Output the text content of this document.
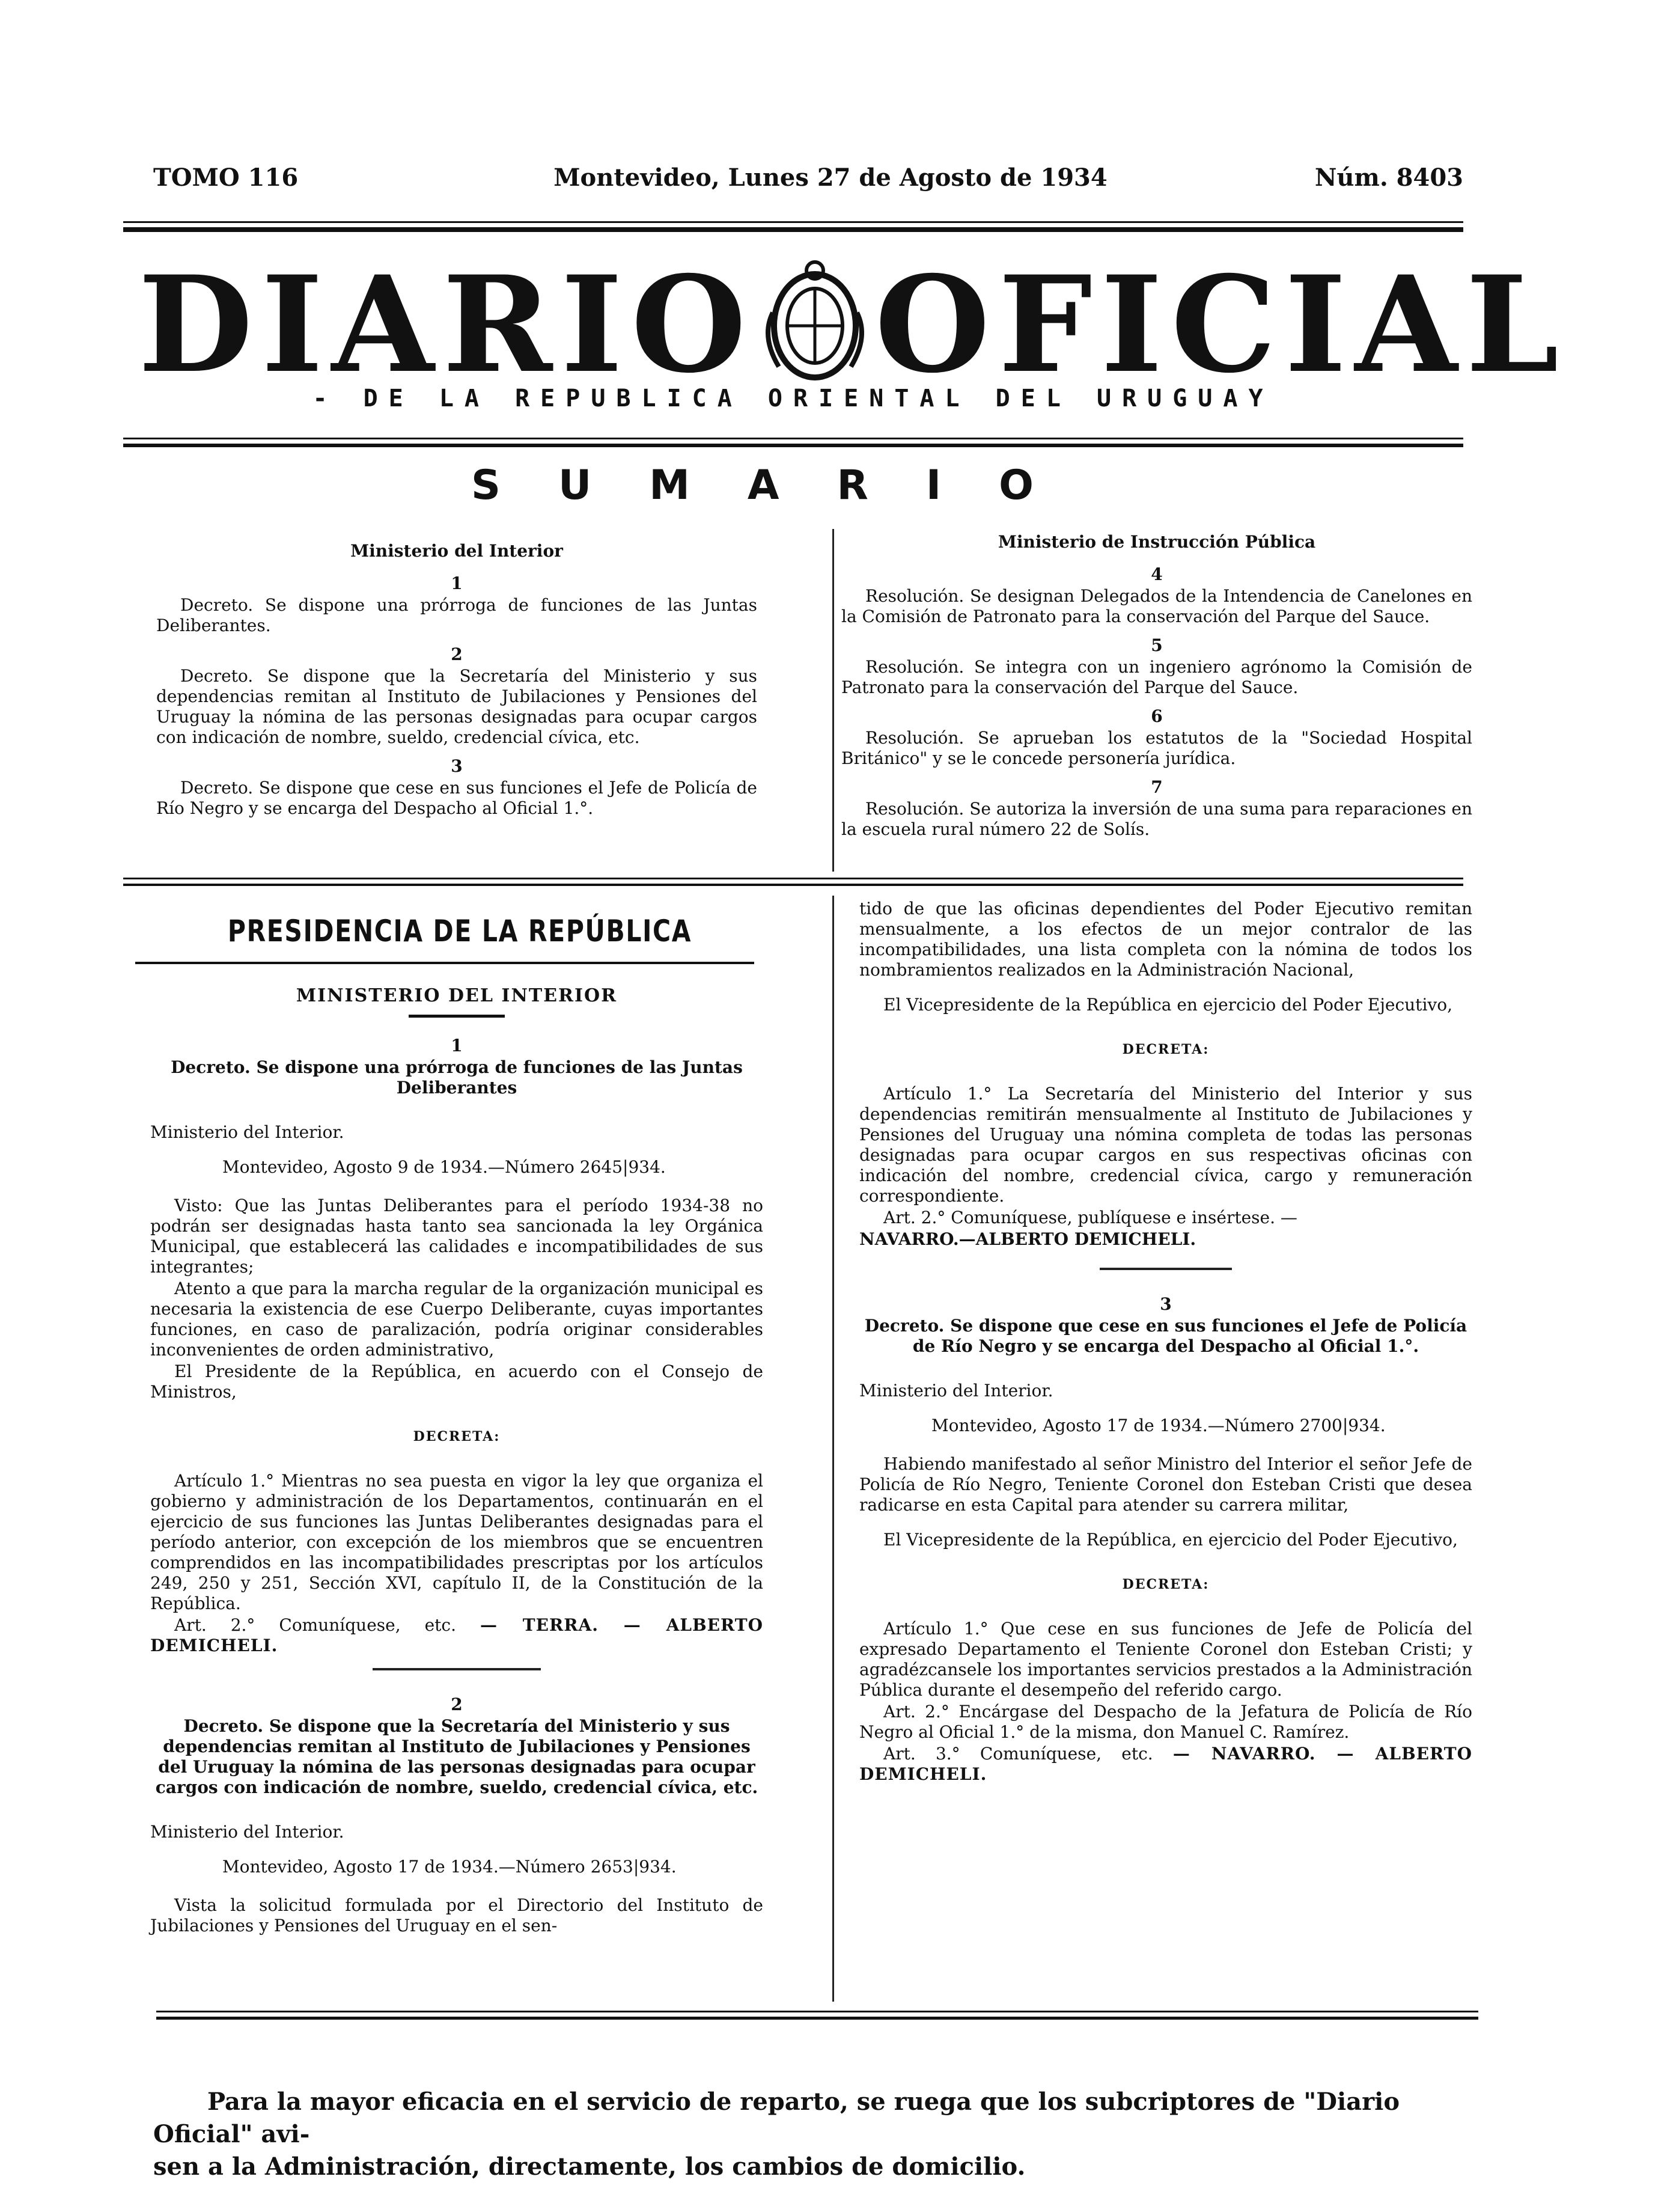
TOMO 116	Montevideo, Lunes 27 de Agosto de 1934	Núm. 8403
DIARIO OFICIAL
- DE LA REPUBLICA ORIENTAL DEL URUGUAY
SUMARIO
Ministerio del Interior
1

Decreto. Se dispone una prórroga de funciones de las Juntas Deliberantes.

2

Decreto. Se dispone que la Secretaría del Ministerio y sus dependencias remitan al Instituto de Jubilaciones y Pensiones del Uruguay la nómina de las personas designadas para ocupar cargos con indicación de nombre, sueldo, credencial cívica, etc.

3

Decreto. Se dispone que cese en sus funciones el Jefe de Policía de Río Negro y se encarga del Despacho al Oficial 1.°.

Ministerio de Instrucción Pública
4

Resolución. Se designan Delegados de la Intendencia de Canelones en la Comisión de Patronato para la conservación del Parque del Sauce.

5

Resolución. Se integra con un ingeniero agrónomo la Comisión de Patronato para la conservación del Parque del Sauce.

6

Resolución. Se aprueban los estatutos de la "Sociedad Hospital Británico" y se le concede personería jurídica.

7

Resolución. Se autoriza la inversión de una suma para reparaciones en la escuela rural número 22 de Solís.

PRESIDENCIA DE LA REPÚBLICA
MINISTERIO DEL INTERIOR
1

Decreto. Se dispone una prórroga de funciones de las Juntas Deliberantes

Ministerio del Interior.

Montevideo, Agosto 9 de 1934.—Número 2645|934.

Visto: Que las Juntas Deliberantes para el período 1934-38 no podrán ser designadas hasta tanto sea sancionada la ley Orgánica Municipal, que establecerá las calidades e incompatibilidades de sus integrantes;

Atento a que para la marcha regular de la organización municipal es necesaria la existencia de ese Cuerpo Deliberante, cuyas importantes funciones, en caso de paralización, podría originar considerables inconvenientes de orden administrativo,

El Presidente de la República, en acuerdo con el Consejo de Ministros,

DECRETA:

Artículo 1.° Mientras no sea puesta en vigor la ley que organiza el gobierno y administración de los Departamentos, continuarán en el ejercicio de sus funciones las Juntas Deliberantes designadas para el período anterior, con excepción de los miembros que se encuentren comprendidos en las incompatibilidades prescriptas por los artículos 249, 250 y 251, Sección XVI, capítulo II, de la Constitución de la República.

Art. 2.° Comuníquese, etc. — TERRA. — ALBERTO DEMICHELI.

2

Decreto. Se dispone que la Secretaría del Ministerio y sus dependencias remitan al Instituto de Jubilaciones y Pensiones del Uruguay la nómina de las personas designadas para ocupar cargos con indicación de nombre, sueldo, credencial cívica, etc.

Ministerio del Interior.

Montevideo, Agosto 17 de 1934.—Número 2653|934.

Vista la solicitud formulada por el Directorio del Instituto de Jubilaciones y Pensiones del Uruguay en el sen-

tido de que las oficinas dependientes del Poder Ejecutivo remitan mensualmente, a los efectos de un mejor contralor de las incompatibilidades, una lista completa con la nómina de todos los nombramientos realizados en la Administración Nacional,

El Vicepresidente de la República en ejercicio del Poder Ejecutivo,

DECRETA:

Artículo 1.° La Secretaría del Ministerio del Interior y sus dependencias remitirán mensualmente al Instituto de Jubilaciones y Pensiones del Uruguay una nómina completa de todas las personas designadas para ocupar cargos en sus respectivas oficinas con indicación del nombre, credencial cívica, cargo y remuneración correspondiente.

Art. 2.° Comuníquese, publíquese e insértese. —

NAVARRO.—ALBERTO DEMICHELI.

3

Decreto. Se dispone que cese en sus funciones el Jefe de Policía de Río Negro y se encarga del Despacho al Oficial 1.°.

Ministerio del Interior.

Montevideo, Agosto 17 de 1934.—Número 2700|934.

Habiendo manifestado al señor Ministro del Interior el señor Jefe de Policía de Río Negro, Teniente Coronel don Esteban Cristi que desea radicarse en esta Capital para atender su carrera militar,

El Vicepresidente de la República, en ejercicio del Poder Ejecutivo,

DECRETA:

Artículo 1.° Que cese en sus funciones de Jefe de Policía del expresado Departamento el Teniente Coronel don Esteban Cristi; y agradézcansele los importantes servicios prestados a la Administración Pública durante el desempeño del referido cargo.

Art. 2.° Encárgase del Despacho de la Jefatura de Policía de Río Negro al Oficial 1.° de la misma, don Manuel C. Ramírez.

Art. 3.° Comuníquese, etc. — NAVARRO. — ALBERTO DEMICHELI.

Para la mayor eficacia en el servicio de reparto, se ruega que los subcriptores de "Diario Oficial" avi-
sen a la Administración, directamente, los cambios de domicilio.
